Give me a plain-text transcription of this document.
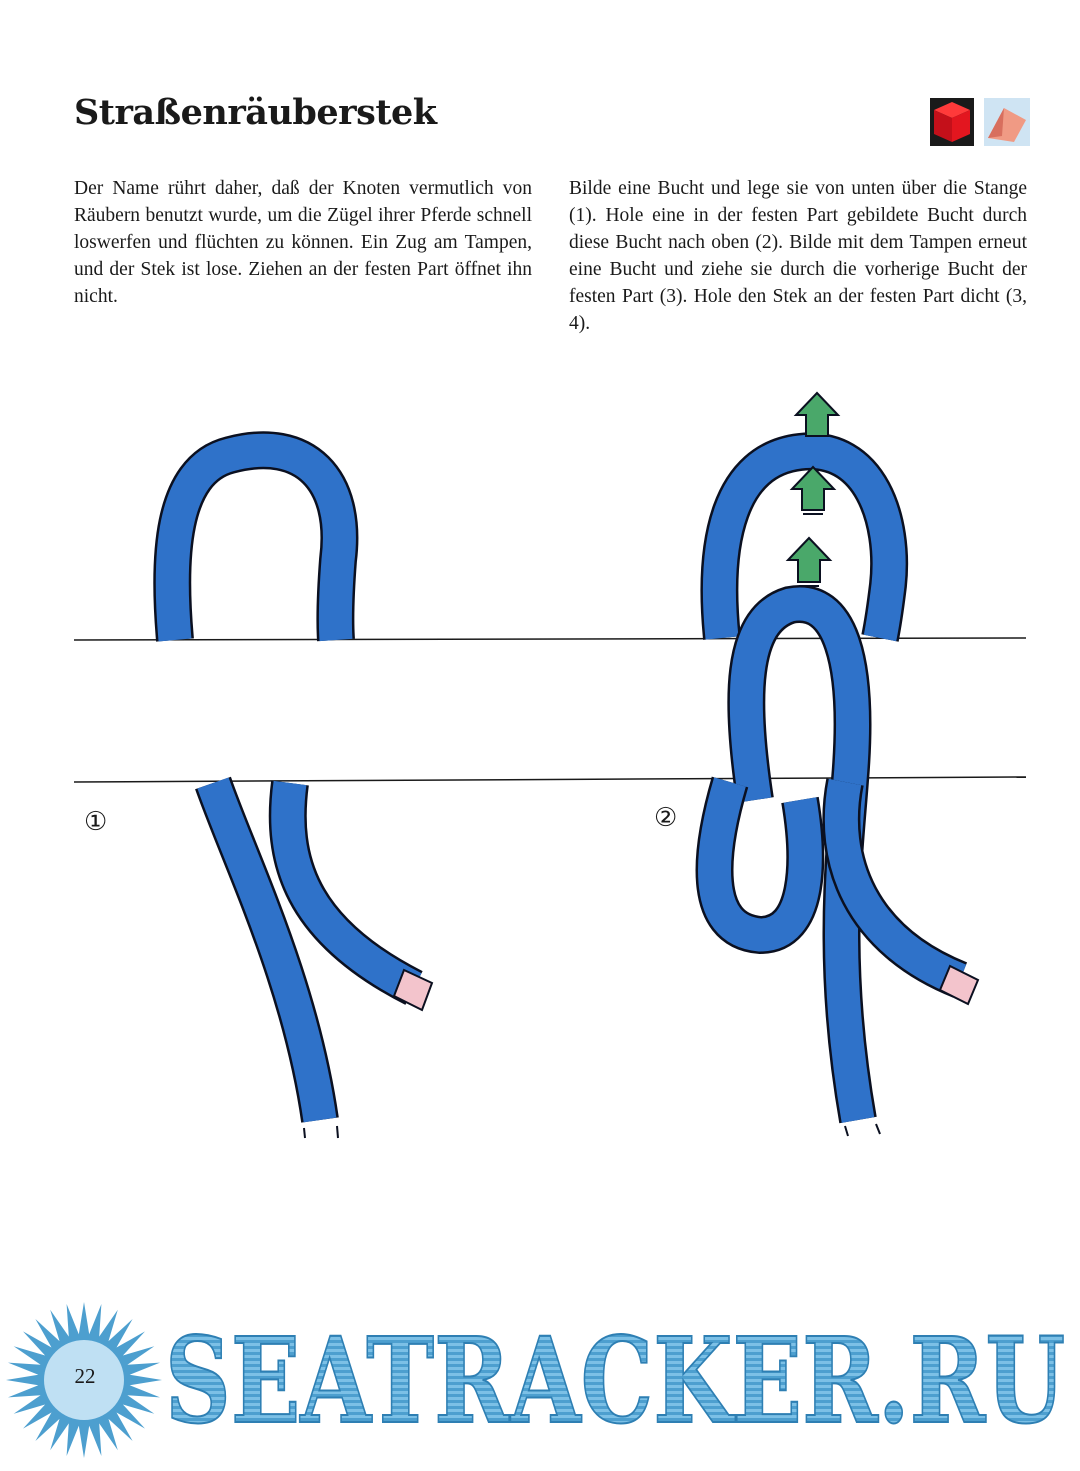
Straßenräuberstek

Der Name rührt daher, daß der Knoten vermutlich von Räubern benutzt wurde, um die Zügel ihrer Pferde schnell loswerfen und flüchten zu können. Ein Zug am Tampen, und der Stek ist lose. Ziehen an der festen Part öffnet ihn nicht.

Bilde eine Bucht und lege sie von unten über die Stange (1). Hole eine in der festen Part gebildete Bucht durch diese Bucht nach oben (2). Bilde mit dem Tampen erneut eine Bucht und ziehe sie durch die vorherige Bucht der festen Part (3). Hole den Stek an der festen Part dicht (3, 4).

①	②
22 SEATRACKER.RU
